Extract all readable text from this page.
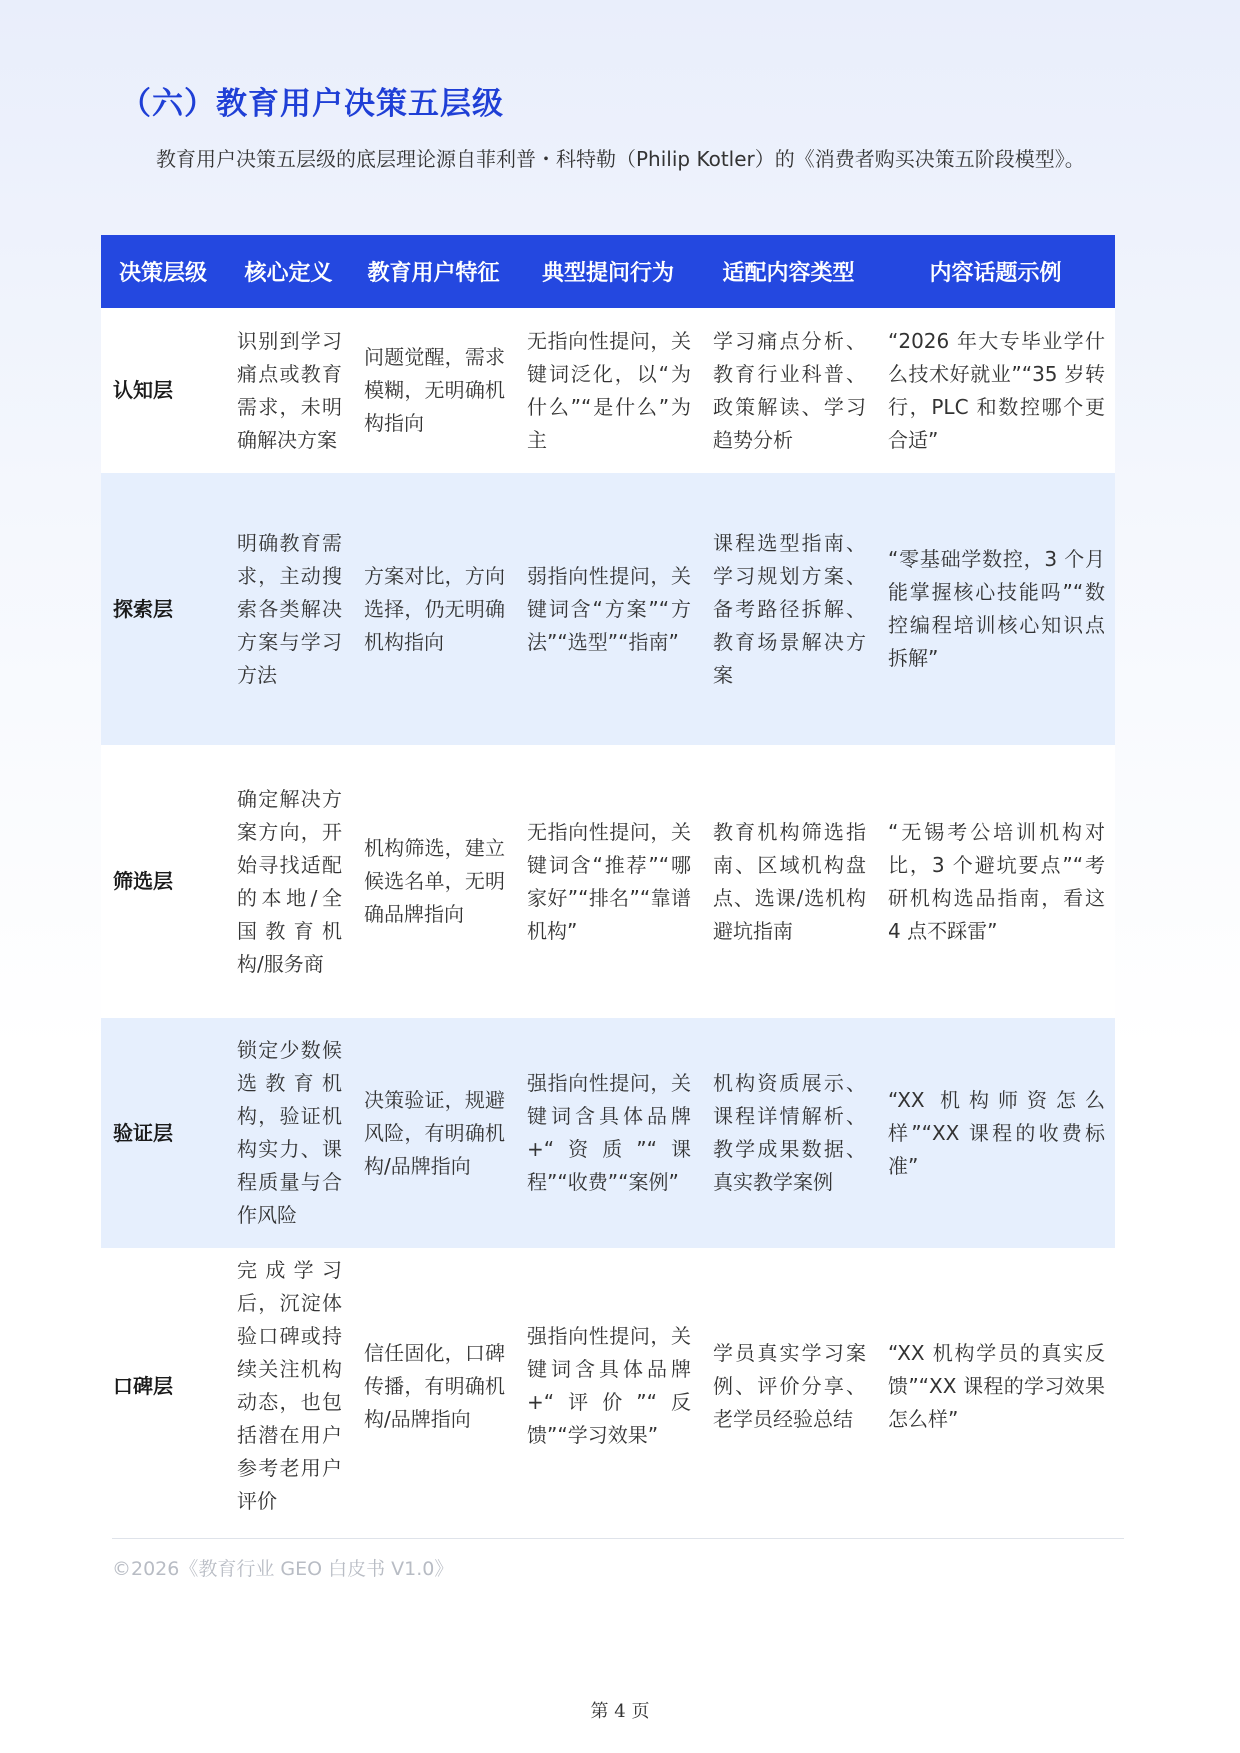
（六）教育用户决策五层级

教育用户决策五层级的底层理论源自菲利普・科特勒（Philip Kotler）的《消费者购买决策五阶段模型》。

决策层级	核心定义	教育用户特征	典型提问行为	适配内容类型	内容话题示例
认知层	识别到学习痛点或教育需求，未明确解决方案	问题觉醒，需求模糊，无明确机构指向	无指向性提问，关键词泛化，以“为什么”“是什么”为主	学习痛点分析、教育行业科普、政策解读、学习趋势分析	“2026 年大专毕业学什么技术好就业”“35 岁转行，PLC 和数控哪个更合适”
探索层	明确教育需求，主动搜索各类解决方案与学习方法	方案对比，方向选择，仍无明确机构指向	弱指向性提问，关键词含“方案”“方法”“选型”“指南”	课程选型指南、学习规划方案、备考路径拆解、教育场景解决方案	“零基础学数控，3 个月能掌握核心技能吗”“数控编程培训核心知识点拆解”
筛选层	确定解决方案方向，开始寻找适配的本地/全国教育机构/服务商	机构筛选，建立候选名单，无明确品牌指向	无指向性提问，关键词含“推荐”“哪家好”“排名”“靠谱机构”	教育机构筛选指南、区域机构盘点、选课/选机构避坑指南	“无锡考公培训机构对比，3 个避坑要点”“考研机构选品指南，看这 4 点不踩雷”
验证层	锁定少数候选教育机构，验证机构实力、课程质量与合作风险	决策验证，规避风险，有明确机构/品牌指向	强指向性提问，关键词含具体品牌 +“资质”“课程”“收费”“案例”	机构资质展示、课程详情解析、教学成果数据、真实教学案例	“XX 机构师资怎么样”“XX 课程的收费标准”
口碑层	完成学习后，沉淀体验口碑或持续关注机构动态，也包括潜在用户参考老用户评价	信任固化，口碑传播，有明确机构/品牌指向	强指向性提问，关键词含具体品牌 +“评价”“反馈”“学习效果”	学员真实学习案例、评价分享、老学员经验总结	“XX 机构学员的真实反馈”“XX 课程的学习效果怎么样”
©2026《教育行业 GEO 白皮书 V1.0》
第 4 页
